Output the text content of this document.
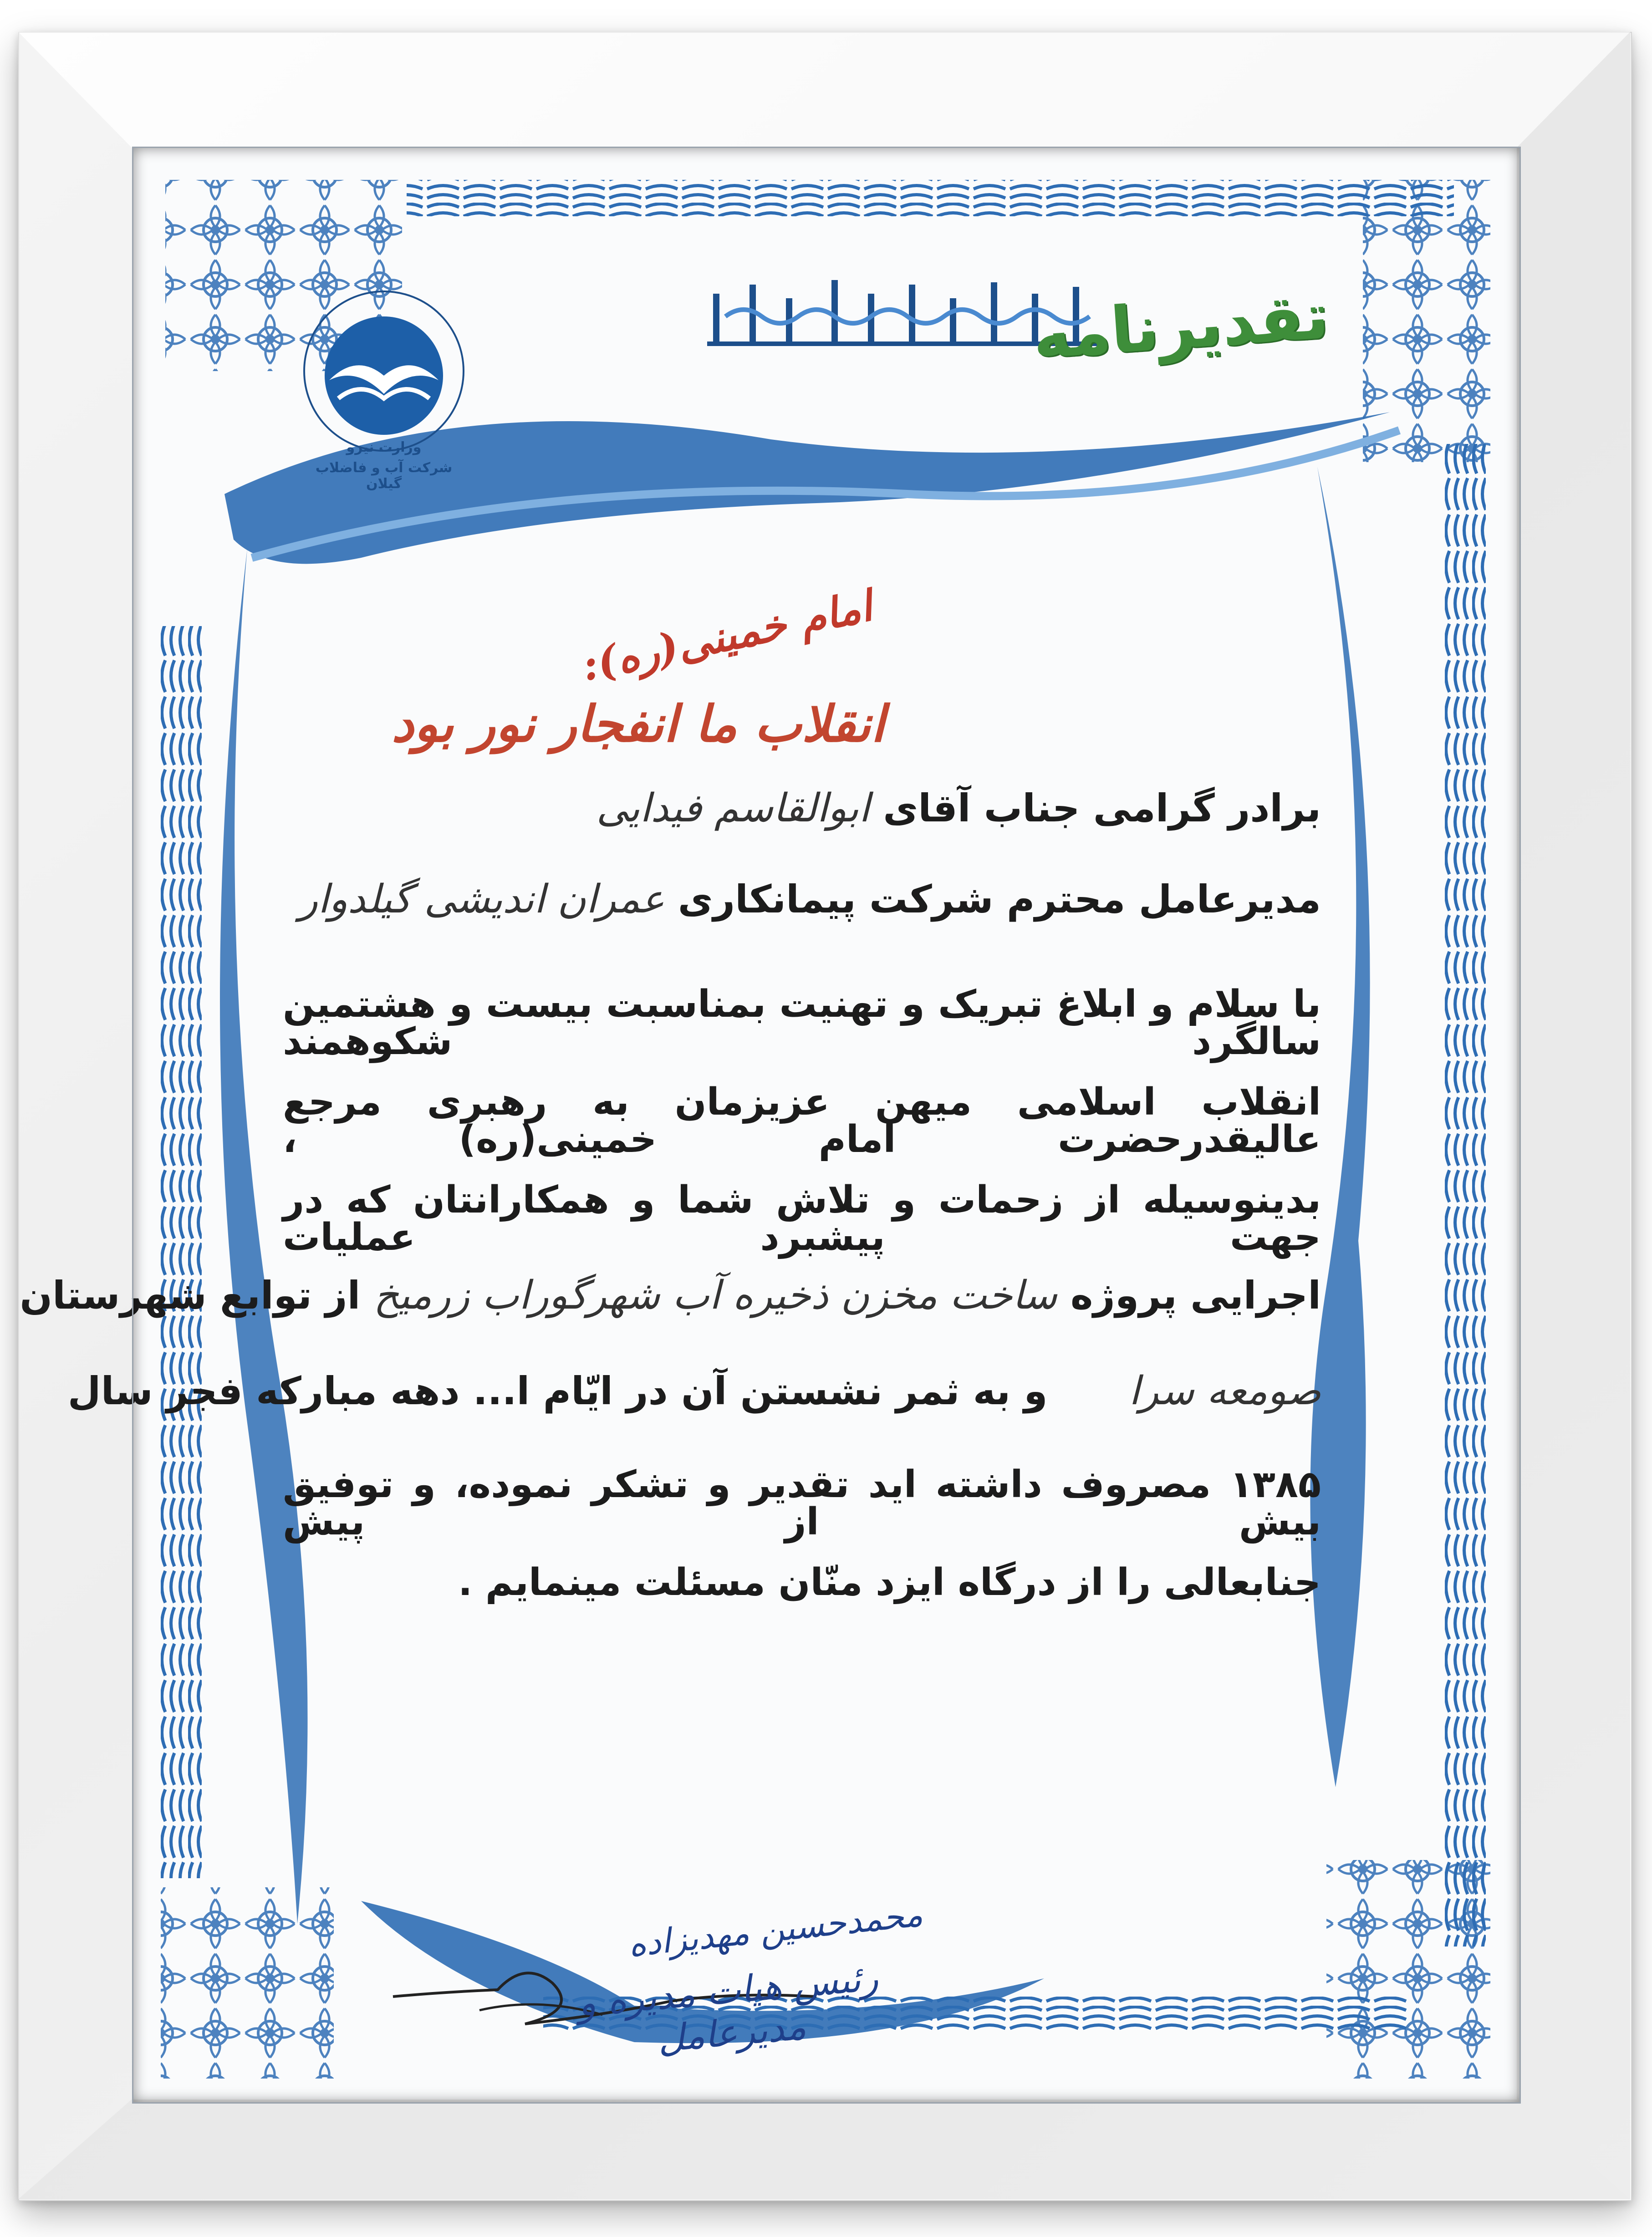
وزارت نیرو
شرکت آب و فاضلاب گیلان
تقدیرنامه
امام خمینی(ره):
انقلاب ما انفجار نور بود
برادر گرامی جناب آقای ابوالقاسم فیدایی
مدیرعامل محترم شرکت پیمانکاری عمران اندیشی گیلدوار
با سلام و ابلاغ تبریک و تهنیت بمناسبت بیست و هشتمین سالگرد شکوهمند
انقلاب اسلامی میهن عزیزمان به رهبری مرجع عالیقدرحضرت امام خمینی(ره) ،
بدینوسیله از زحمات و تلاش شما و همکارانتان که در جهت پیشبرد عملیات
اجرایی پروژه ساخت مخزن ذخیره آب شهرگوراب زرمیخ از توابع شهرستان
صومعه سرا  و به ثمر نشستن آن در ایّام ا... دهه مبارکه فجر سال
۱۳۸۵ مصروف داشته اید تقدیر و تشکر نموده، و توفیق بیش از پیش
جنابعالی را از درگاه ایزد منّان مسئلت مینمایم .
محمدحسین مهدیزاده
رئیس هیات مدیره و مدیرعامل
